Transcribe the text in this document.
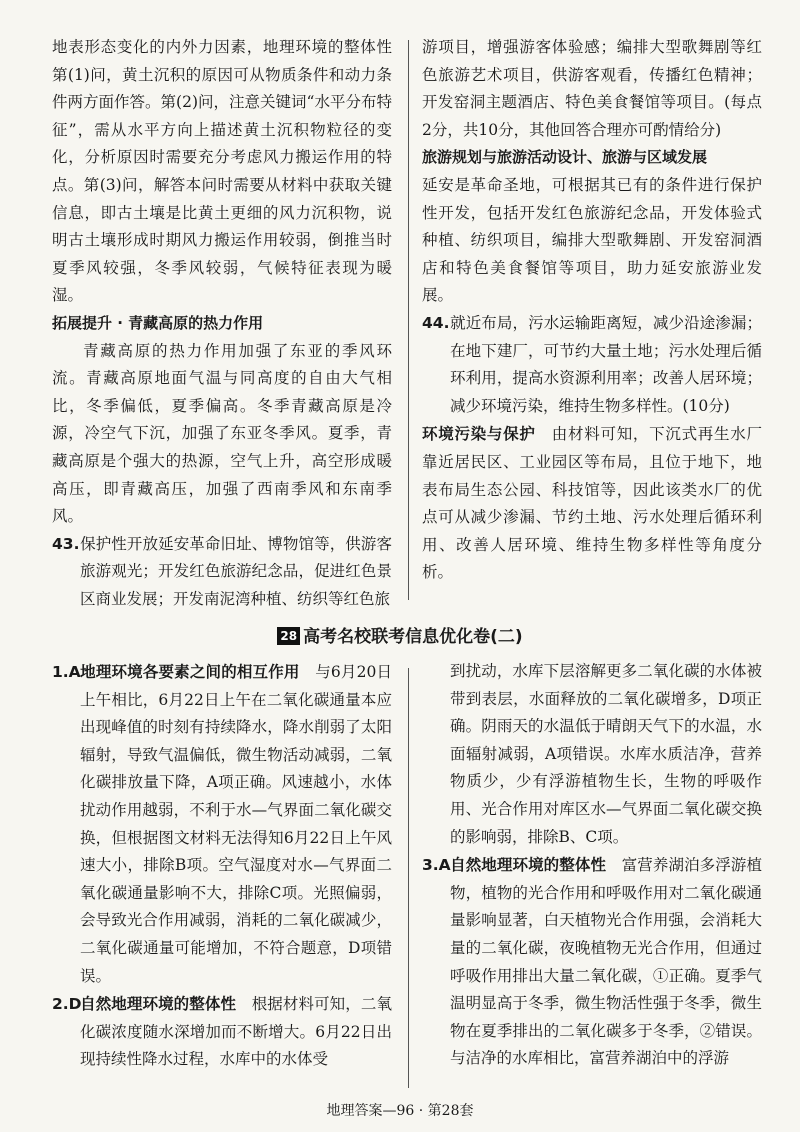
地表形态变化的内外力因素，地理环境的整体性　第(1)问，黄土沉积的原因可从物质条件和动力条件两方面作答。第(2)问，注意关键词“水平分布特征”，需从水平方向上描述黄土沉积物粒径的变化，分析原因时需要充分考虑风力搬运作用的特点。第(3)问，解答本问时需要从材料中获取关键信息，即古土壤是比黄土更细的风力沉积物，说明古土壤形成时期风力搬运作用较弱，倒推当时夏季风较强，冬季风较弱，气候特征表现为暖湿。

拓展提升 · 青藏高原的热力作用

青藏高原的热力作用加强了东亚的季风环流。青藏高原地面气温与同高度的自由大气相比，冬季偏低，夏季偏高。冬季青藏高原是冷源，冷空气下沉，加强了东亚冬季风。夏季，青藏高原是个强大的热源，空气上升，高空形成暖高压，即青藏高压，加强了西南季风和东南季风。

43.保护性开放延安革命旧址、博物馆等，供游客旅游观光；开发红色旅游纪念品，促进红色景区商业发展；开发南泥湾种植、纺织等红色旅

游项目，增强游客体验感；编排大型歌舞剧等红色旅游艺术项目，供游客观看，传播红色精神；开发窑洞主题酒店、特色美食餐馆等项目。(每点2分，共10分，其他回答合理亦可酌情给分)

旅游规划与旅游活动设计、旅游与区域发展

延安是革命圣地，可根据其已有的条件进行保护性开发，包括开发红色旅游纪念品，开发体验式种植、纺织项目，编排大型歌舞剧、开发窑洞酒店和特色美食餐馆等项目，助力延安旅游业发展。

44.就近布局，污水运输距离短，减少沿途渗漏；在地下建厂，可节约大量土地；污水处理后循环利用，提高水资源利用率；改善人居环境；减少环境污染，维持生物多样性。(10分)

环境污染与保护　 由材料可知，下沉式再生水厂靠近居民区、工业园区等布局，且位于地下，地表布局生态公园、科技馆等，因此该类水厂的优点可从减少渗漏、节约土地、污水处理后循环利用、改善人居环境、维持生物多样性等角度分析。

28 高考名校联考信息优化卷(二)

1.A地理环境各要素之间的相互作用　 与6月20日上午相比，6月22日上午在二氧化碳通量本应出现峰值的时刻有持续降水，降水削弱了太阳辐射，导致气温偏低，微生物活动减弱，二氧化碳排放量下降，A项正确。风速越小，水体扰动作用越弱，不利于水—气界面二氧化碳交换，但根据图文材料无法得知6月22日上午风速大小，排除B项。空气湿度对水—气界面二氧化碳通量影响不大，排除C项。光照偏弱，会导致光合作用减弱，消耗的二氧化碳减少，二氧化碳通量可能增加，不符合题意，D项错误。

2.D自然地理环境的整体性　 根据材料可知，二氧化碳浓度随水深增加而不断增大。6月22日出现持续性降水过程，水库中的水体受

到扰动，水库下层溶解更多二氧化碳的水体被带到表层，水面释放的二氧化碳增多，D项正确。阴雨天的水温低于晴朗天气下的水温，水面辐射减弱，A项错误。水库水质洁净，营养物质少，少有浮游植物生长，生物的呼吸作用、光合作用对库区水—气界面二氧化碳交换的影响弱，排除B、C项。

3.A自然地理环境的整体性　 富营养湖泊多浮游植物，植物的光合作用和呼吸作用对二氧化碳通量影响显著，白天植物光合作用强，会消耗大量的二氧化碳，夜晚植物无光合作用，但通过呼吸作用排出大量二氧化碳，①正确。夏季气温明显高于冬季，微生物活性强于冬季，微生物在夏季排出的二氧化碳多于冬季，②错误。与洁净的水库相比，富营养湖泊中的浮游

地理答案—96 · 第28套
